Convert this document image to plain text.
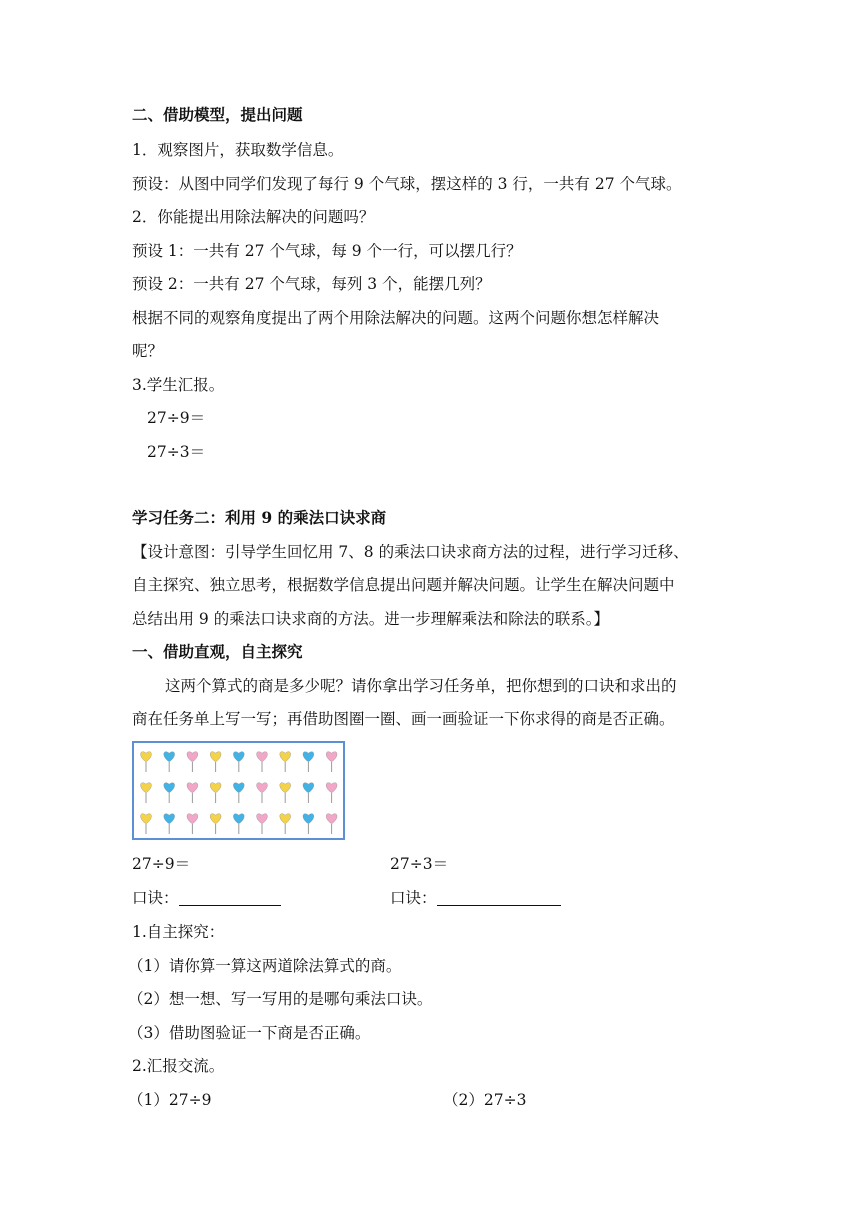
二、借助模型，提出问题
1．观察图片，获取数学信息。
预设：从图中同学们发现了每行 9 个气球，摆这样的 3 行，一共有 27 个气球。
2．你能提出用除法解决的问题吗？
预设 1：一共有 27 个气球，每 9 个一行，可以摆几行？
预设 2：一共有 27 个气球，每列 3 个，能摆几列？
根据不同的观察角度提出了两个用除法解决的问题。这两个问题你想怎样解决
呢？
3.学生汇报。
27÷9＝
27÷3＝
学习任务二：利用 9 的乘法口诀求商
【设计意图：引导学生回忆用 7、8 的乘法口诀求商方法的过程，进行学习迁移、
自主探究、独立思考，根据数学信息提出问题并解决问题。让学生在解决问题中
总结出用 9 的乘法口诀求商的方法。进一步理解乘法和除法的联系。】
一、借助直观，自主探究
这两个算式的商是多少呢？请你拿出学习任务单，把你想到的口诀和求出的
商在任务单上写一写；再借助图圈一圈、画一画验证一下你求得的商是否正确。
27÷9＝	27÷3＝
口诀：	口诀：
1.自主探究：
（1）请你算一算这两道除法算式的商。
（2）想一想、写一写用的是哪句乘法口诀。
（3）借助图验证一下商是否正确。
2.汇报交流。
（1）27÷9	（2）27÷3
